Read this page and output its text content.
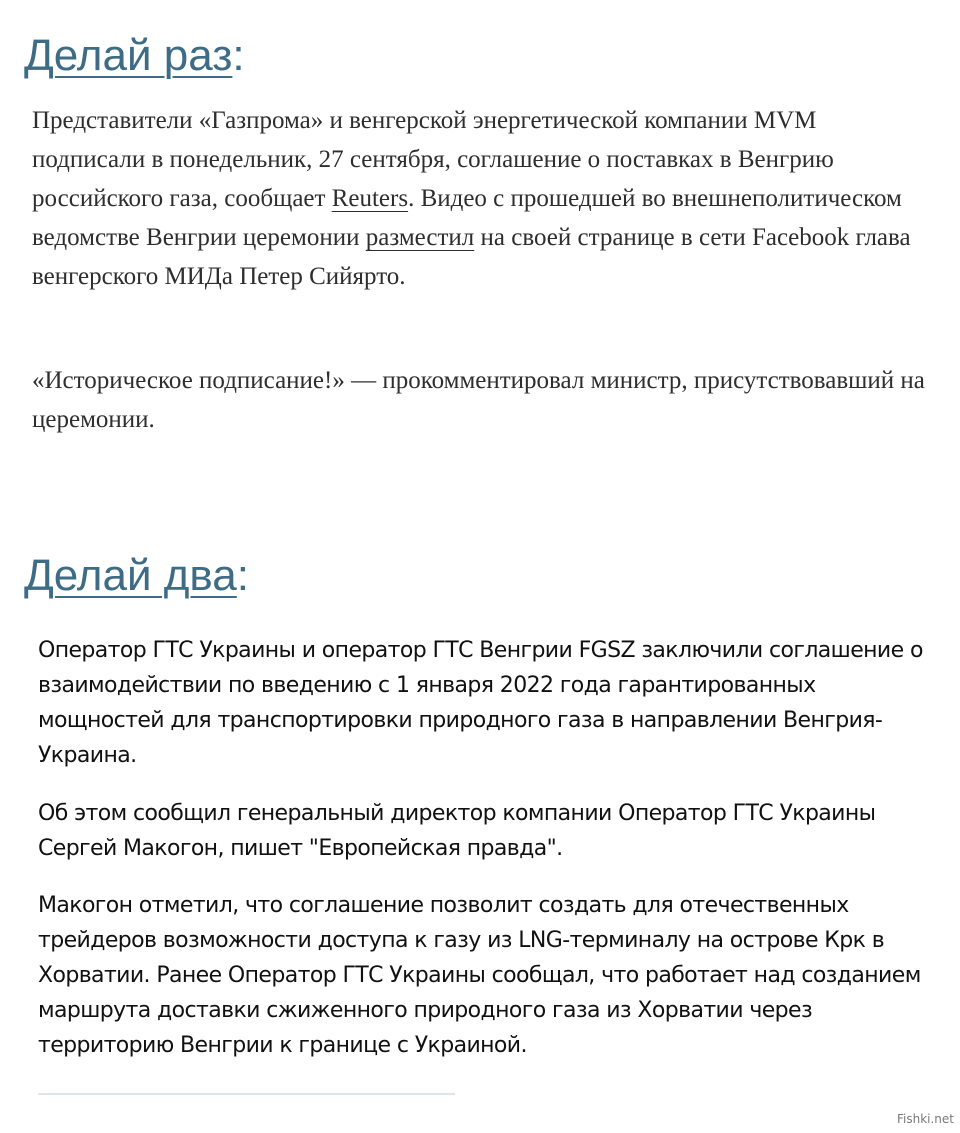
Делай раз:

Представители «Газпрома» и венгерской энергетической компании MVM подписали в понедельник, 27 сентября, соглашение о поставках в Венгрию российского газа, сообщает Reuters. Видео с прошедшей во внешнеполитическом ведомстве Венгрии церемонии разместил на своей странице в сети Facebook глава венгерского МИДа Петер Сийярто.

«Историческое подписание!» — прокомментировал министр, присутствовавший на церемонии.

Делай два:

Оператор ГТС Украины и оператор ГТС Венгрии FGSZ заключили соглашение о взаимодействии по введению с 1 января 2022 года гарантированных мощностей для транспортировки природного газа в направлении Венгрия-Украина.

Об этом сообщил генеральный директор компании Оператор ГТС Украины Сергей Макогон, пишет "Европейская правда".

Макогон отметил, что соглашение позволит создать для отечественных трейдеров возможности доступа к газу из LNG-терминалу на острове Крк в Хорватии. Ранее Оператор ГТС Украины сообщал, что работает над созданием маршрута доставки сжиженного природного газа из Хорватии через территорию Венгрии к границе с Украиной.

Fishki.net
